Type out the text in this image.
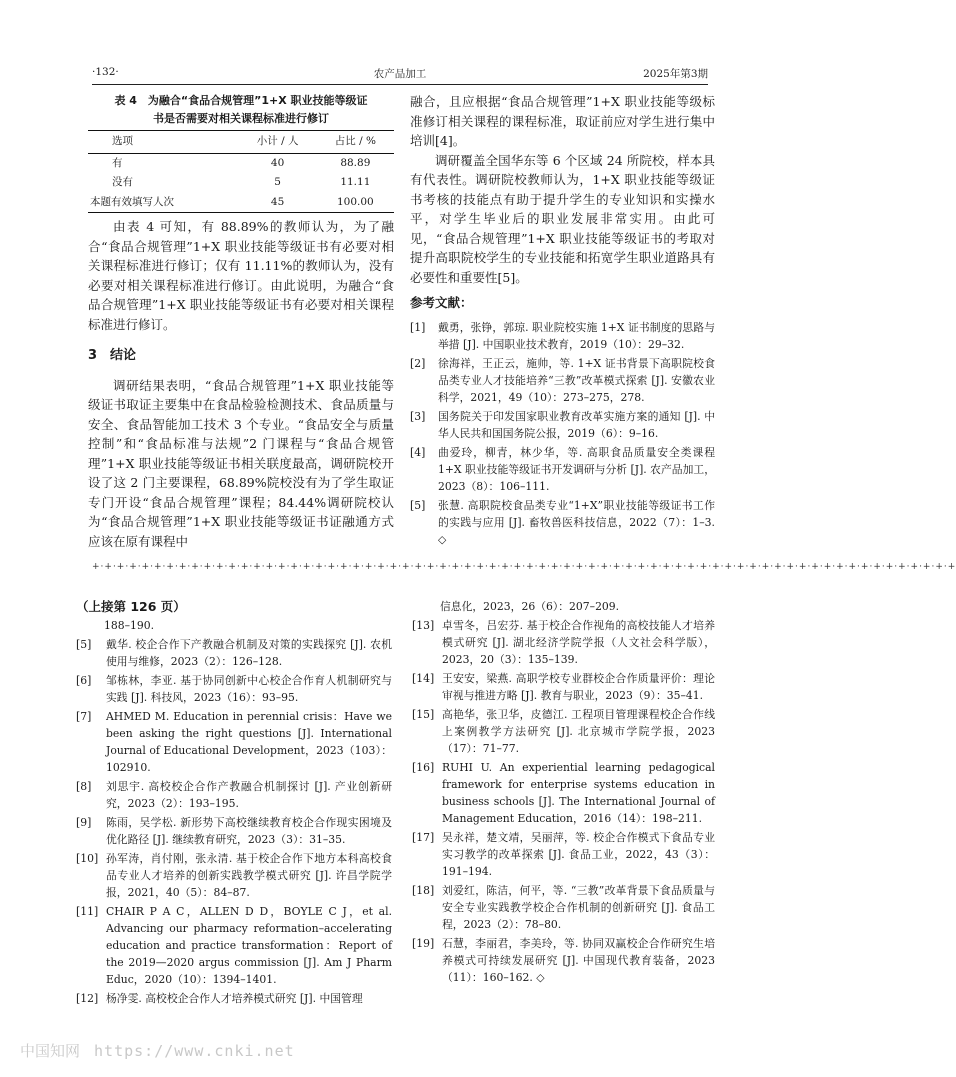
·132·	农产品加工	2025年第3期
表 4　为融合“食品合规管理”1+X 职业技能等级证
书是否需要对相关课程标准进行修订
选项	小计 / 人	占比 / %
有	40	88.89
没有	5	11.11
本题有效填写人次	45	100.00

由表 4 可知，有 88.89%的教师认为，为了融合“食品合规管理”1+X 职业技能等级证书有必要对相关课程标准进行修订；仅有 11.11%的教师认为，没有必要对相关课程标准进行修订。由此说明，为融合“食品合规管理”1+X 职业技能等级证书有必要对相关课程标准进行修订。

3　结论

调研结果表明，“食品合规管理”1+X 职业技能等级证书取证主要集中在食品检验检测技术、食品质量与安全、食品智能加工技术 3 个专业。“食品安全与质量控制”和“食品标准与法规”2 门课程与“食品合规管理”1+X 职业技能等级证书相关联度最高，调研院校开设了这 2 门主要课程，68.89%院校没有为了学生取证专门开设“食品合规管理”课程；84.44%调研院校认为“食品合规管理”1+X 职业技能等级证书证融通方式应该在原有课程中

融合，且应根据“食品合规管理”1+X 职业技能等级标准修订相关课程的课程标准，取证前应对学生进行集中培训[4]。

调研覆盖全国华东等 6 个区域 24 所院校，样本具有代表性。调研院校教师认为，1+X 职业技能等级证书考核的技能点有助于提升学生的专业知识和实操水平，对学生毕业后的职业发展非常实用。由此可见，“食品合规管理”1+X 职业技能等级证书的考取对提升高职院校学生的专业技能和拓宽学生职业道路具有必要性和重要性[5]。

参考文献：
[1] 戴勇，张铮，郭琼. 职业院校实施 1+X 证书制度的思路与举措 [J]. 中国职业技术教育，2019（10）：29–32.
[2] 徐海祥，王正云，施帅，等. 1+X 证书背景下高职院校食品类专业人才技能培养“三教”改革模式探索 [J]. 安徽农业科学，2021，49（10）：273–275，278.
[3] 国务院关于印发国家职业教育改革实施方案的通知 [J]. 中华人民共和国国务院公报，2019（6）：9–16.
[4] 曲爱玲，柳青，林少华，等. 高职食品质量安全类课程 1+X 职业技能等级证书开发调研与分析 [J]. 农产品加工，2023（8）：106–111.
[5] 张慧. 高职院校食品类专业“1+X”职业技能等级证书工作的实践与应用 [J]. 畜牧兽医科技信息，2022（7）：1–3. ◇
+·+·+·+·+·+·+·+·+·+·+·+·+·+·+·+·+·+·+·+·+·+·+·+·+·+·+·+·+·+·+·+·+·+·+·+·+·+·+·+·+·+·+·+·+·+·+·+·+·+·+·+·+·+·+·+·+·+·+·+·+·+·+·+·+·+·+·+·+·+
（上接第 126 页）
188–190.
[5] 戴华. 校企合作下产教融合机制及对策的实践探究 [J]. 农机使用与维修，2023（2）：126–128.
[6] 邹栋林，李亚. 基于协同创新中心校企合作育人机制研究与实践 [J]. 科技风，2023（16）：93–95.
[7] AHMED M. Education in perennial crisis：Have we been asking the right questions [J]. International Journal of Educational Development，2023（103）：102910.
[8] 刘思宇. 高校校企合作产教融合机制探讨 [J]. 产业创新研究，2023（2）：193–195.
[9] 陈雨，吴学松. 新形势下高校继续教育校企合作现实困境及优化路径 [J]. 继续教育研究，2023（3）：31–35.
[10] 孙军涛，肖付刚，张永清. 基于校企合作下地方本科高校食品专业人才培养的创新实践教学模式研究 [J]. 许昌学院学报，2021，40（5）：84–87.
[11] CHAIR P A C，ALLEN D D，BOYLE C J，et al. Advancing our pharmacy reformation–accelerating education and practice transformation：Report of the 2019—2020 argus commission [J]. Am J Pharm Educ，2020（10）：1394–1401.
[12] 杨净雯. 高校校企合作人才培养模式研究 [J]. 中国管理
信息化，2023，26（6）：207–209.
[13] 卓雪冬，吕宏芬. 基于校企合作视角的高校技能人才培养模式研究 [J]. 湖北经济学院学报（人文社会科学版），2023，20（3）：135–139.
[14] 王安安，梁燕. 高职学校专业群校企合作质量评价：理论审视与推进方略 [J]. 教育与职业，2023（9）：35–41.
[15] 高艳华，张卫华，皮德江. 工程项目管理课程校企合作线上案例教学方法研究 [J]. 北京城市学院学报，2023（17）：71–77.
[16] RUHI U. An experiential learning pedagogical framework for enterprise systems education in business schools [J]. The International Journal of Management Education，2016（14）：198–211.
[17] 吴永祥，楚文靖，吴丽萍，等. 校企合作模式下食品专业实习教学的改革探索 [J]. 食品工业，2022，43（3）：191–194.
[18] 刘爱红，陈洁，何平，等. “三教”改革背景下食品质量与安全专业实践教学校企合作机制的创新研究 [J]. 食品工程，2023（2）：78–80.
[19] 石慧，李丽君，李美玲，等. 协同双赢校企合作研究生培养模式可持续发展研究 [J]. 中国现代教育装备，2023（11）：160–162. ◇
中国知网 https://www.cnki.net
